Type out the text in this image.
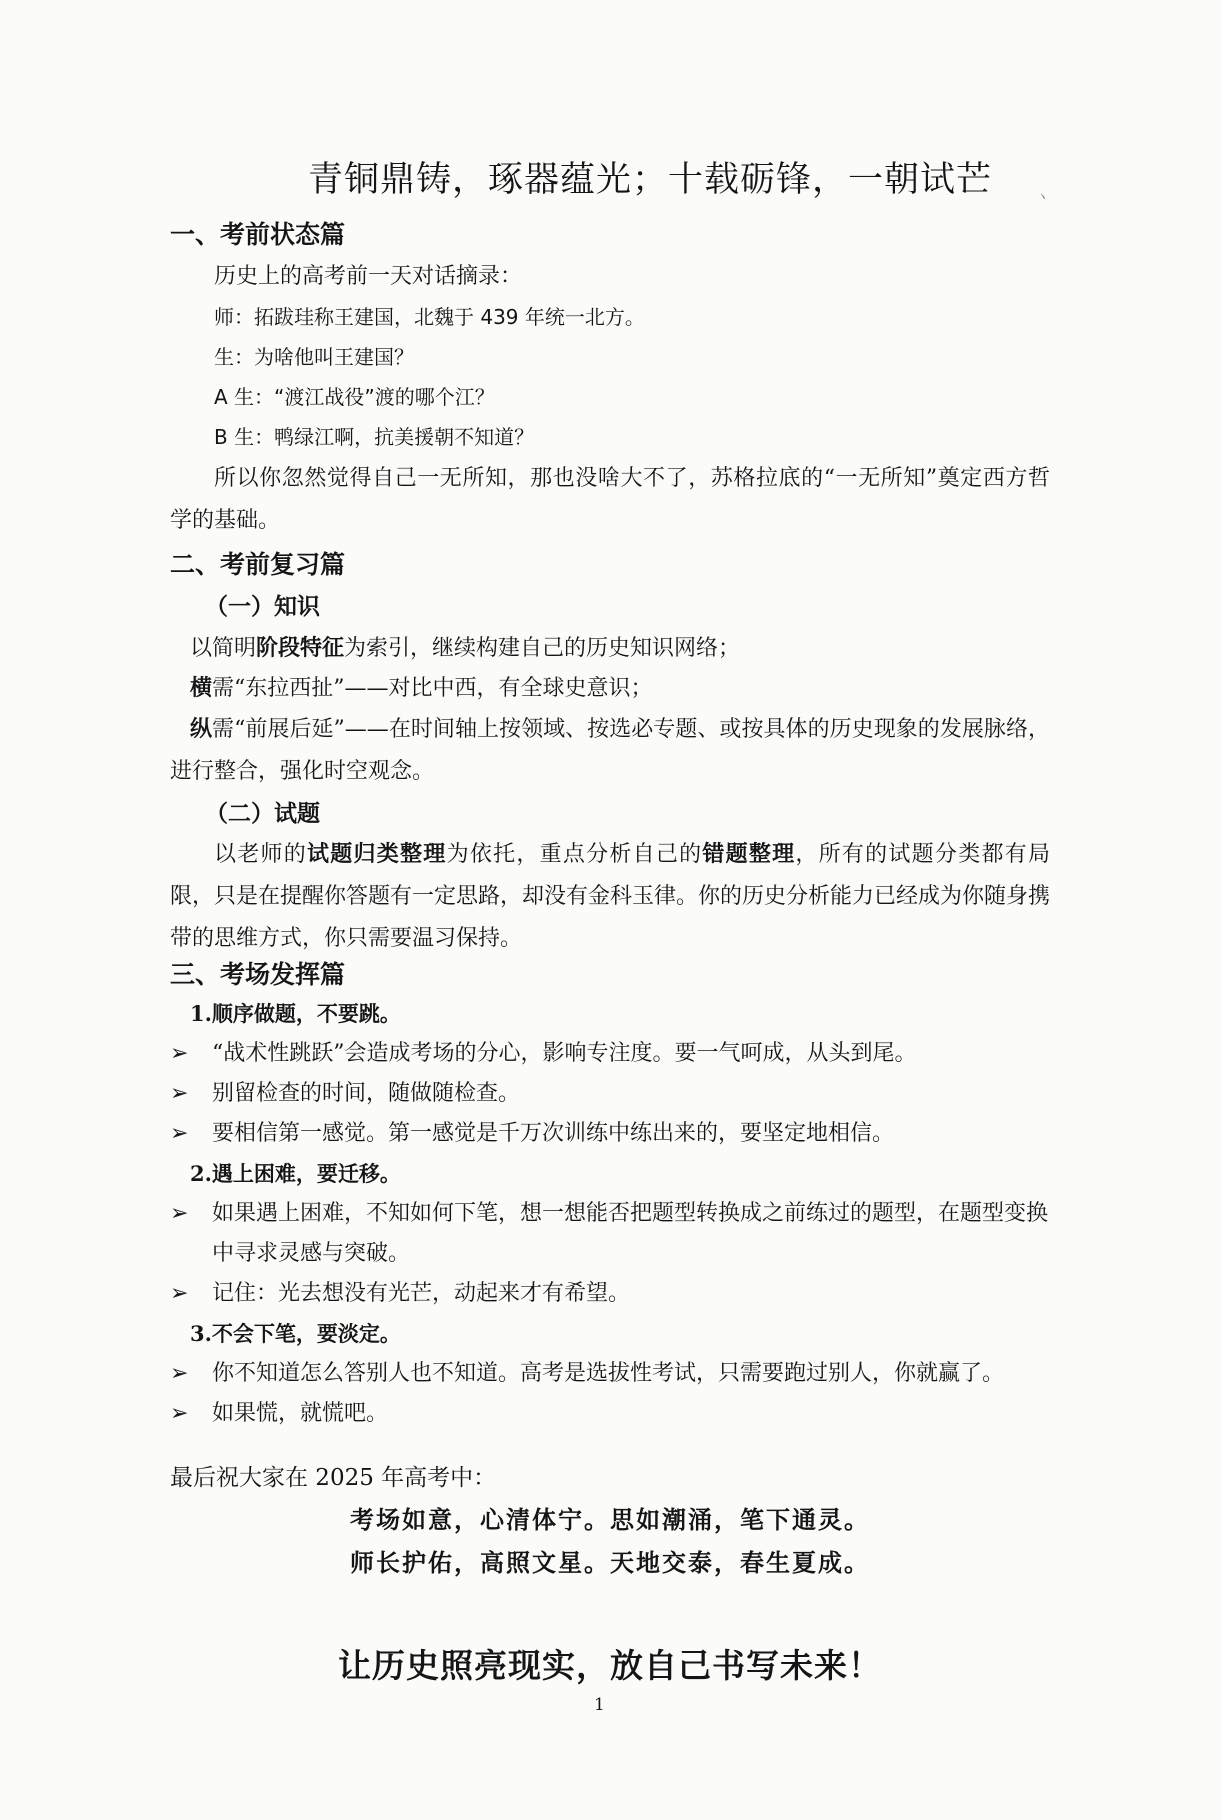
青铜鼎铸，琢器蕴光；十载砺锋，一朝试芒	ヽ
一、考前状态篇
历史上的高考前一天对话摘录：
师：拓跋珪称王建国，北魏于 439 年统一北方。
生：为啥他叫王建国？
A 生：“渡江战役”渡的哪个江？
B 生：鸭绿江啊，抗美援朝不知道？
所以你忽然觉得自己一无所知，那也没啥大不了，苏格拉底的“一无所知”奠定西方哲学的基础。
二、考前复习篇
（一）知识
以简明阶段特征为索引，继续构建自己的历史知识网络；
横需“东拉西扯”——对比中西，有全球史意识；
纵需“前展后延”——在时间轴上按领域、按选必专题、或按具体的历史现象的发展脉络，进行整合，强化时空观念。
（二）试题
以老师的试题归类整理为依托，重点分析自己的错题整理，所有的试题分类都有局限，只是在提醒你答题有一定思路，却没有金科玉律。你的历史分析能力已经成为你随身携带的思维方式，你只需要温习保持。
三、考场发挥篇
1.顺序做题，不要跳。
➢ “战术性跳跃”会造成考场的分心，影响专注度。要一气呵成，从头到尾。
➢ 别留检查的时间，随做随检查。
➢ 要相信第一感觉。第一感觉是千万次训练中练出来的，要坚定地相信。
2.遇上困难，要迁移。
➢ 如果遇上困难，不知如何下笔，想一想能否把题型转换成之前练过的题型，在题型变换中寻求灵感与突破。
➢ 记住：光去想没有光芒，动起来才有希望。
3.不会下笔，要淡定。
➢ 你不知道怎么答别人也不知道。高考是选拔性考试，只需要跑过别人，你就赢了。
➢ 如果慌，就慌吧。
最后祝大家在 2025 年高考中：
考场如意，心清体宁。思如潮涌，笔下通灵。
师长护佑，高照文星。天地交泰，春生夏成。
让历史照亮现实，放自己书写未来！
1
